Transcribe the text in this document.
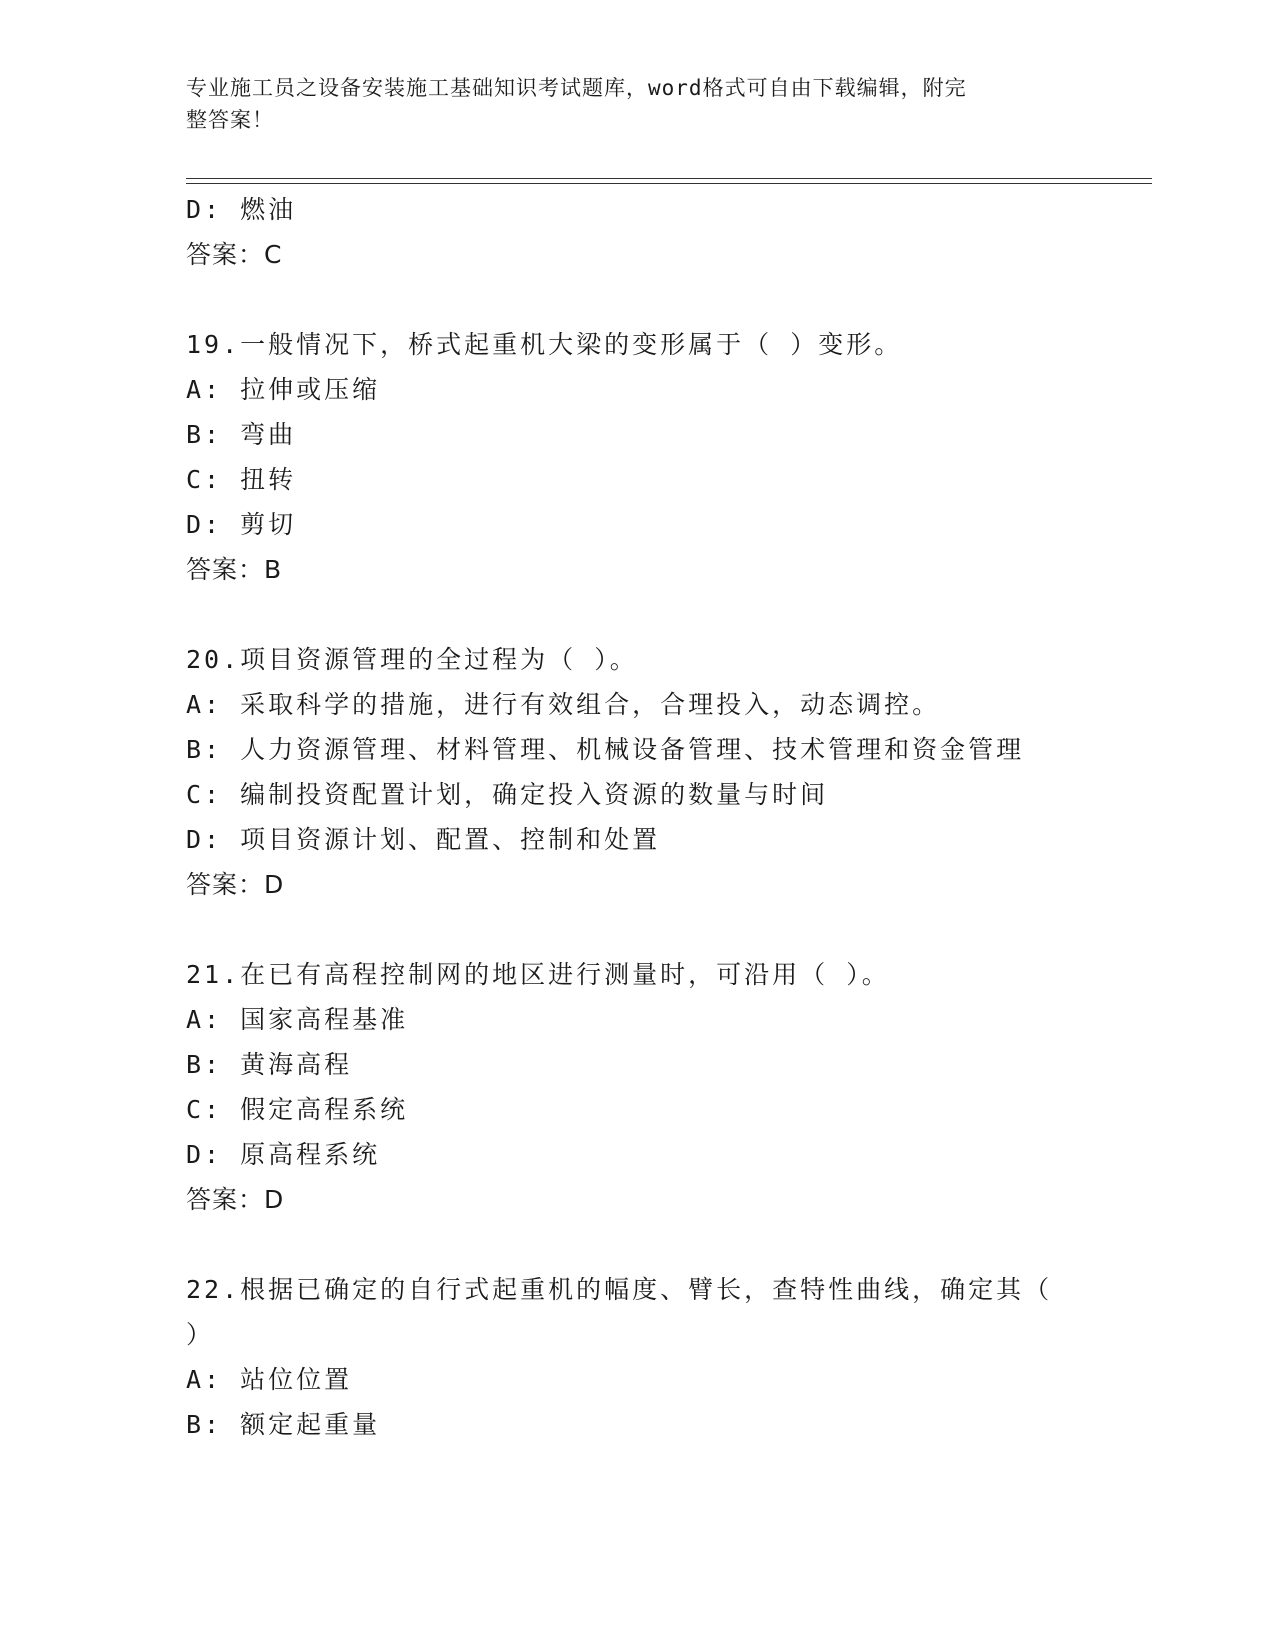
专业施工员之设备安装施工基础知识考试题库，word格式可自由下载编辑，附完
整答案！
D: 燃油
答案：C
19.一般情况下，桥式起重机大梁的变形属于（ ）变形。
A: 拉伸或压缩
B: 弯曲
C: 扭转
D: 剪切
答案：B
20.项目资源管理的全过程为（ ）。
A: 采取科学的措施，进行有效组合，合理投入，动态调控。
B: 人力资源管理、材料管理、机械设备管理、技术管理和资金管理
C: 编制投资配置计划，确定投入资源的数量与时间
D: 项目资源计划、配置、控制和处置
答案：D
21.在已有高程控制网的地区进行测量时，可沿用（ ）。
A: 国家高程基准
B: 黄海高程
C: 假定高程系统
D: 原高程系统
答案：D
22.根据已确定的自行式起重机的幅度、臂长，查特性曲线，确定其（
）
A: 站位位置
B: 额定起重量
